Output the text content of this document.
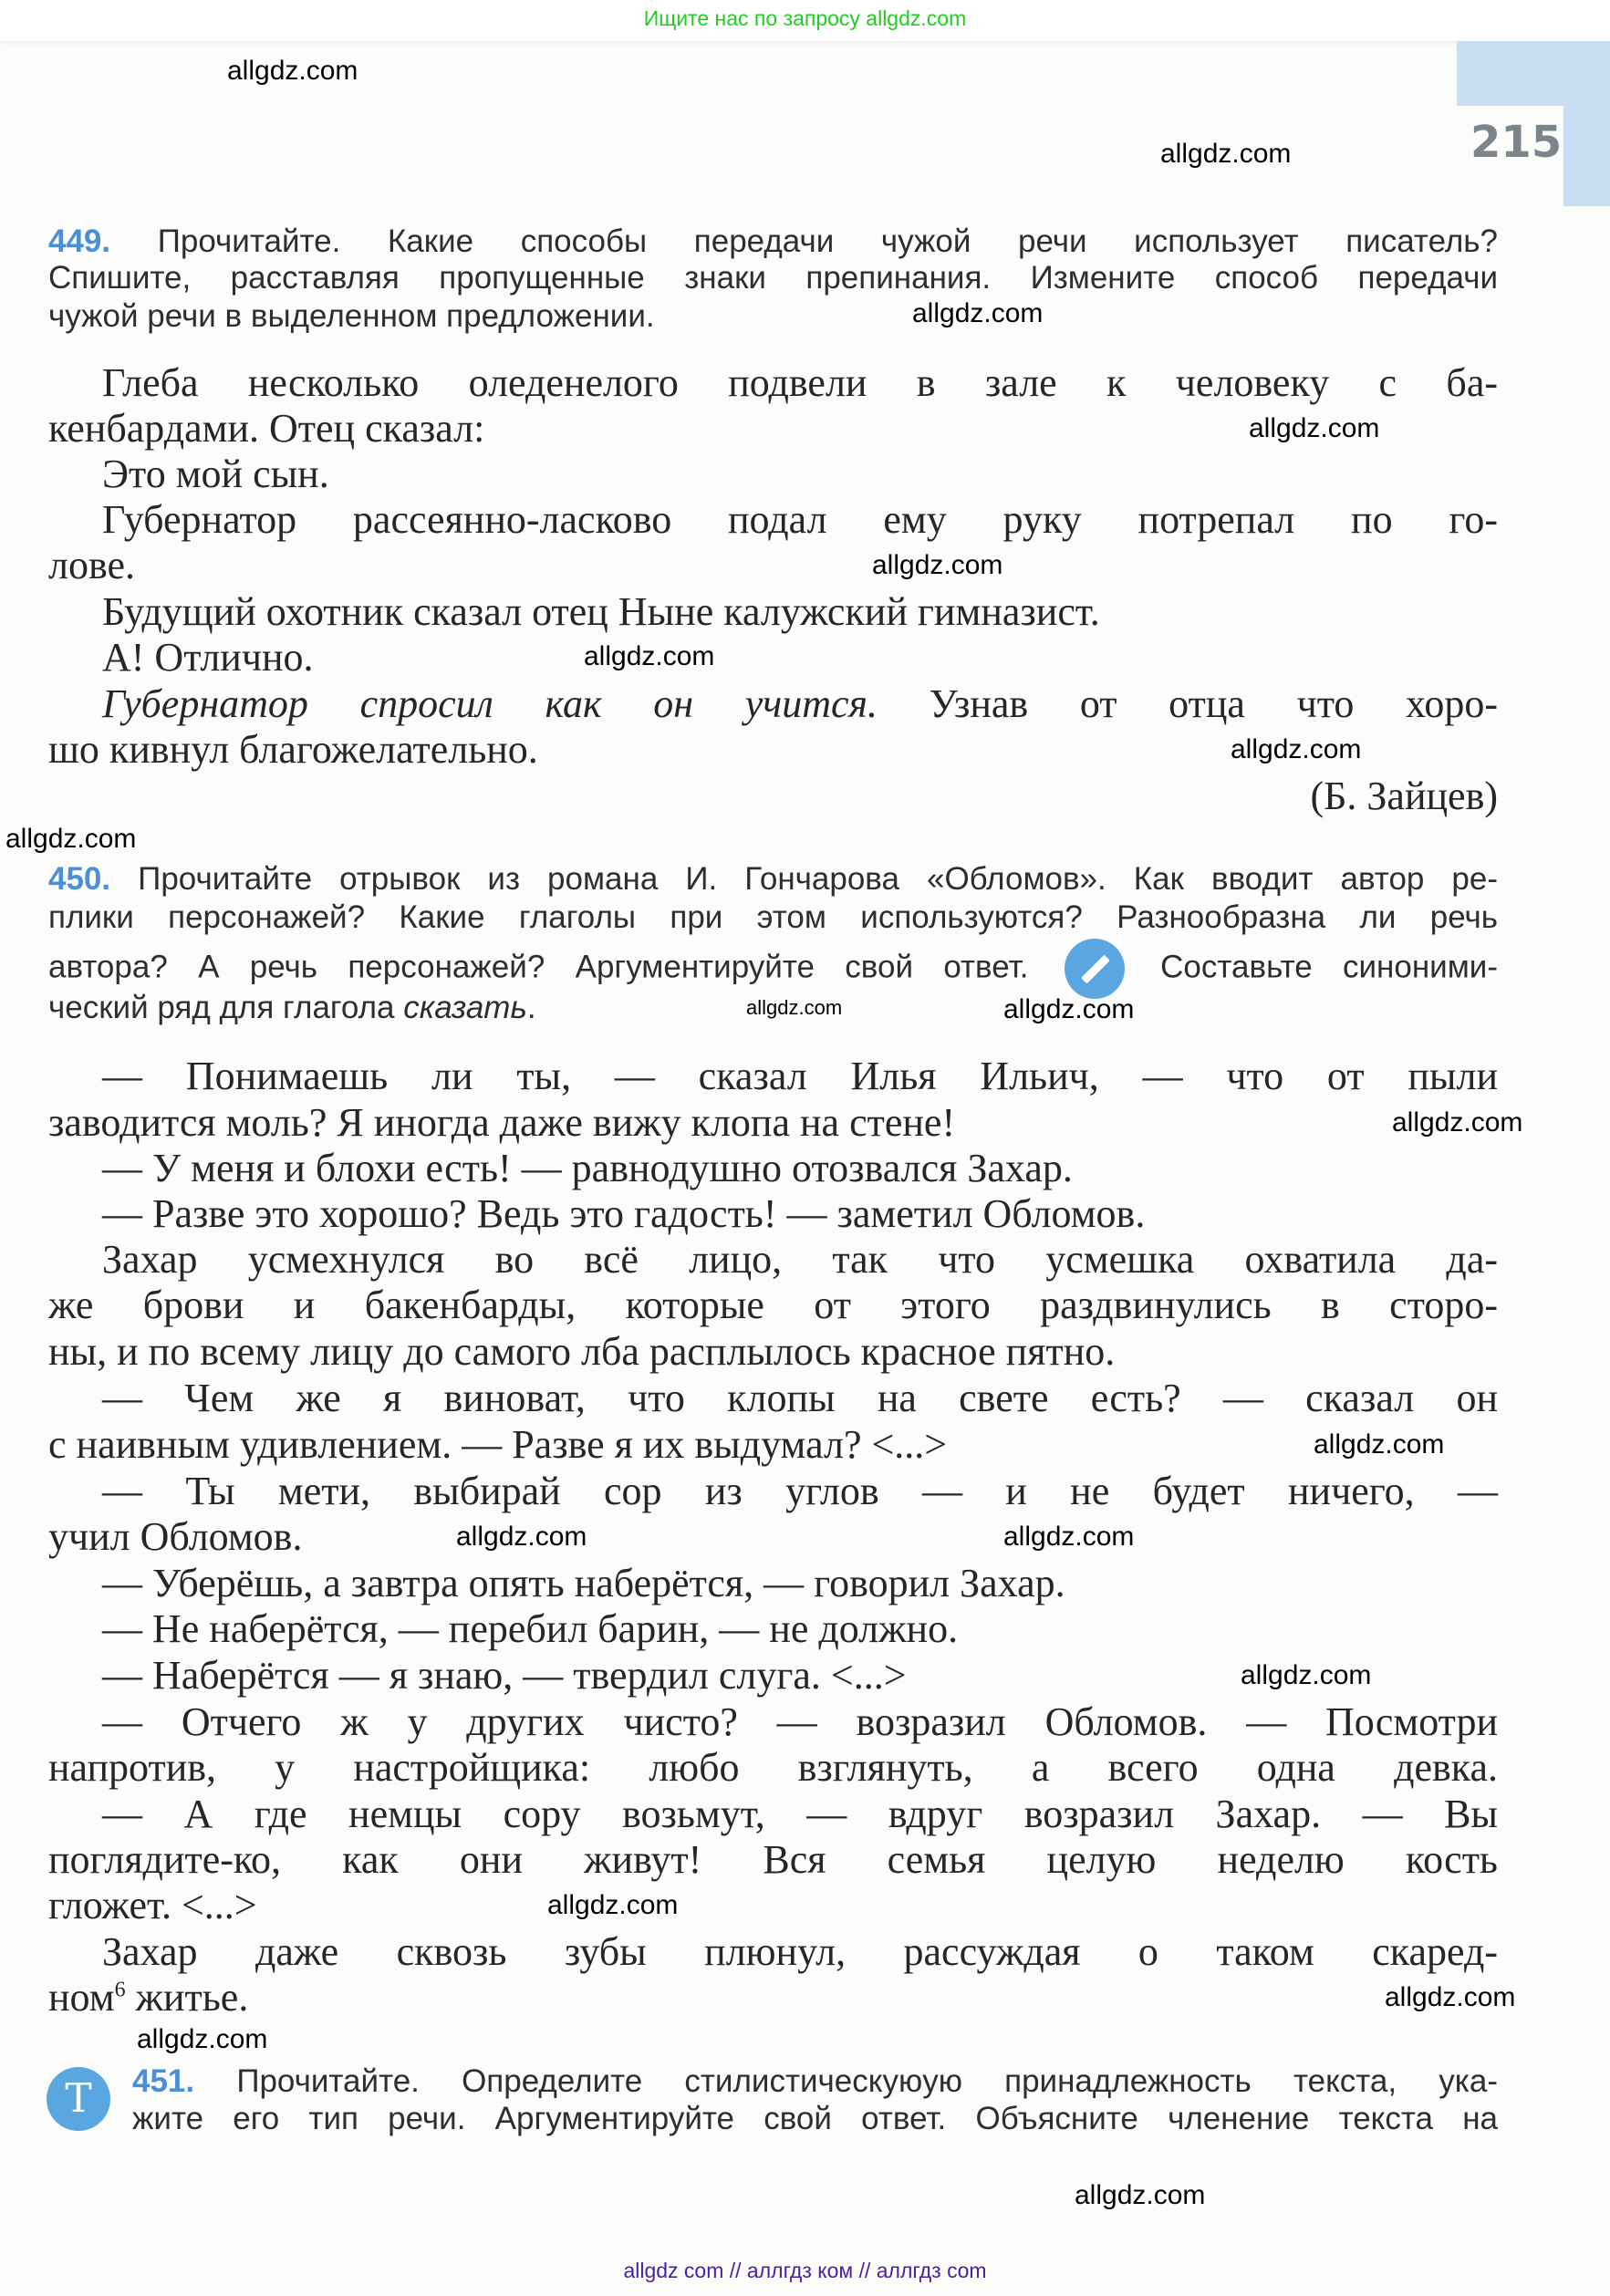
Ищите нас по запросу allgdz.com
215
449. Прочитайте. Какие способы передачи чужой речи использует писатель?
Спишите, расставляя пропущенные знаки препинания. Измените способ передачи
чужой речи в выделенном предложении.
Глеба несколько оледенелого подвели в зале к человеку с ба-
кенбардами. Отец сказал:
Это мой сын.
Губернатор рассеянно-ласково подал ему руку потрепал по го-
лове.
Будущий охотник сказал отец Ныне калужский гимназист.
А! Отлично.
Губернатор спросил как он учится. Узнав от отца что хоро-
шо кивнул благожелательно.
(Б. Зайцев)
450. Прочитайте отрывок из романа И. Гончарова «Обломов». Как вводит автор ре-
плики персонажей? Какие глаголы при этом используются? Разнообразна ли речь
автора? А речь персонажей? Аргументируйте свой ответ.	Составьте синоними-
ческий ряд для глагола сказать.
— Понимаешь ли ты, — сказал Илья Ильич, — что от пыли
заводится моль? Я иногда даже вижу клопа на стене!
— У меня и блохи есть! — равнодушно отозвался Захар.
— Разве это хорошо? Ведь это гадость! — заметил Обломов.
Захар усмехнулся во всё лицо, так что усмешка охватила да-
же брови и бакенбарды, которые от этого раздвинулись в сторо-
ны, и по всему лицу до самого лба расплылось красное пятно.
— Чем же я виноват, что клопы на свете есть? — сказал он
с наивным удивлением. — Разве я их выдумал? <...>
— Ты мети, выбирай сор из углов — и не будет ничего, —
учил Обломов.
— Уберёшь, а завтра опять наберётся, — говорил Захар.
— Не наберётся, — перебил барин, — не должно.
— Наберётся — я знаю, — твердил слуга. <...>
— Отчего ж у других чисто? — возразил Обломов. — Посмотри
напротив, у настройщика: любо взглянуть, а всего одна девка.
— А где немцы сору возьмут, — вдруг возразил Захар. — Вы
поглядите-ко, как они живут! Вся семья целую неделю кость
гложет. <...>
Захар даже сквозь зубы плюнул, рассуждая о таком скаред-
ном$^6$ житье.
Т	451. Прочитайте. Определите стилистическуюую принадлежность текста, ука-
жите его тип речи. Аргументируйте свой ответ. Объясните членение текста на
allgdz.com
allgdz.com
allgdz.com
allgdz.com
allgdz.com
allgdz.com
allgdz.com
allgdz.com
allgdz.com	allgdz.com
allgdz.com
allgdz.com
allgdz.com
allgdz.com
allgdz.com
allgdz.com
allgdz.com
allgdz.com
allgdz.com
allgdz com // аллгдз ком // аллгдз com
